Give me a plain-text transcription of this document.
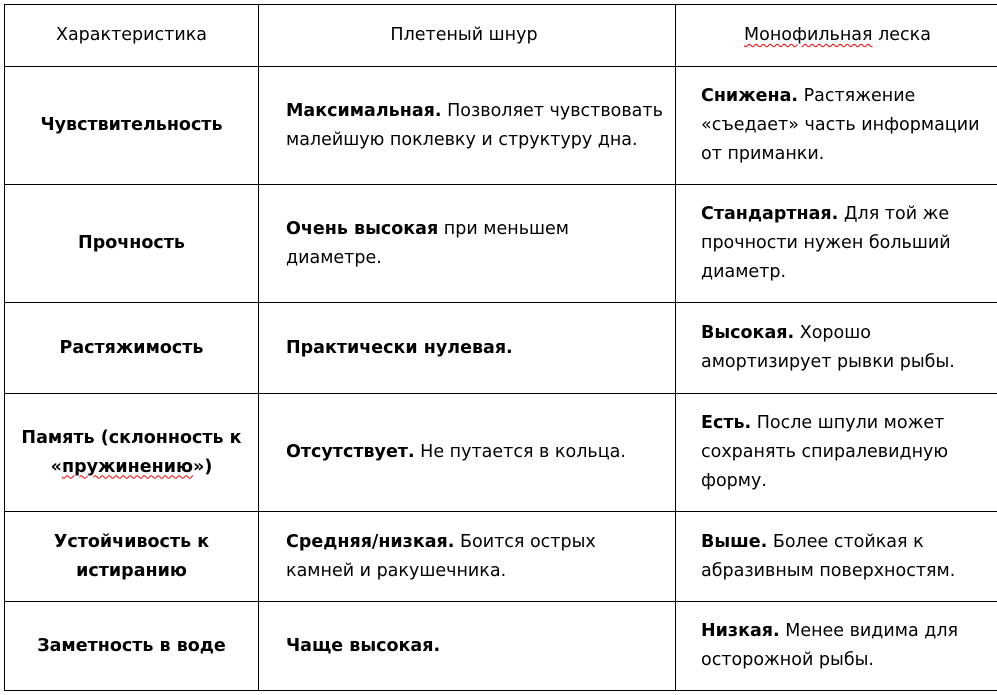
Характеристика	Плетеный шнур	Монофильная леска
Чувствительность	Максимальная. Позволяет чувствовать малейшую поклевку и структуру дна.	Снижена. Растяжение «съедает» часть информации от приманки.
Прочность	Очень высокая при меньшем диаметре.	Стандартная. Для той же прочности нужен больший диаметр.
Растяжимость	Практически нулевая.	Высокая. Хорошо амортизирует рывки рыбы.
Память (склонность к «пружинению»)	Отсутствует. Не путается в кольца.	Есть. После шпули может сохранять спиралевидную форму.
Устойчивость к истиранию	Средняя/низкая. Боится острых камней и ракушечника.	Выше. Более стойкая к абразивным поверхностям.
Заметность в воде	Чаще высокая.	Низкая. Менее видима для осторожной рыбы.
